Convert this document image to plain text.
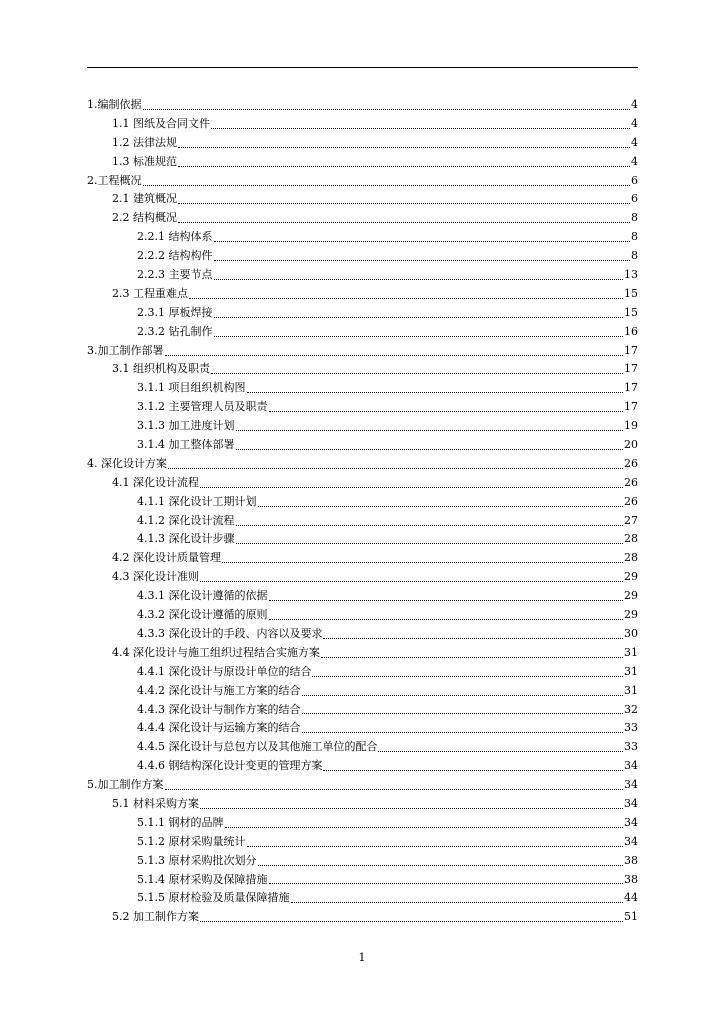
1.编制依据	4
1.1 图纸及合同文件	4
1.2 法律法规	4
1.3 标准规范	4
2.工程概况	6
2.1 建筑概况	6
2.2 结构概况	8
2.2.1 结构体系	8
2.2.2 结构构件	8
2.2.3 主要节点	13
2.3 工程重难点	15
2.3.1 厚板焊接	15
2.3.2 钻孔制作	16
3.加工制作部署	17
3.1 组织机构及职责	17
3.1.1 项目组织机构图	17
3.1.2 主要管理人员及职责	17
3.1.3 加工进度计划	19
3.1.4 加工整体部署	20
4. 深化设计方案	26
4.1 深化设计流程	26
4.1.1 深化设计工期计划	26
4.1.2 深化设计流程	27
4.1.3 深化设计步骤	28
4.2 深化设计质量管理	28
4.3 深化设计准则	29
4.3.1 深化设计遵循的依据	29
4.3.2 深化设计遵循的原则	29
4.3.3 深化设计的手段、内容以及要求	30
4.4 深化设计与施工组织过程结合实施方案	31
4.4.1 深化设计与原设计单位的结合	31
4.4.2 深化设计与施工方案的结合	31
4.4.3 深化设计与制作方案的结合	32
4.4.4 深化设计与运输方案的结合	33
4.4.5 深化设计与总包方以及其他施工单位的配合	33
4.4.6 钢结构深化设计变更的管理方案	34
5.加工制作方案	34
5.1 材料采购方案	34
5.1.1 钢材的品牌	34
5.1.2 原材采购量统计	34
5.1.3 原材采购批次划分	38
5.1.4 原材采购及保障措施	38
5.1.5 原材检验及质量保障措施	44
5.2 加工制作方案	51
1
